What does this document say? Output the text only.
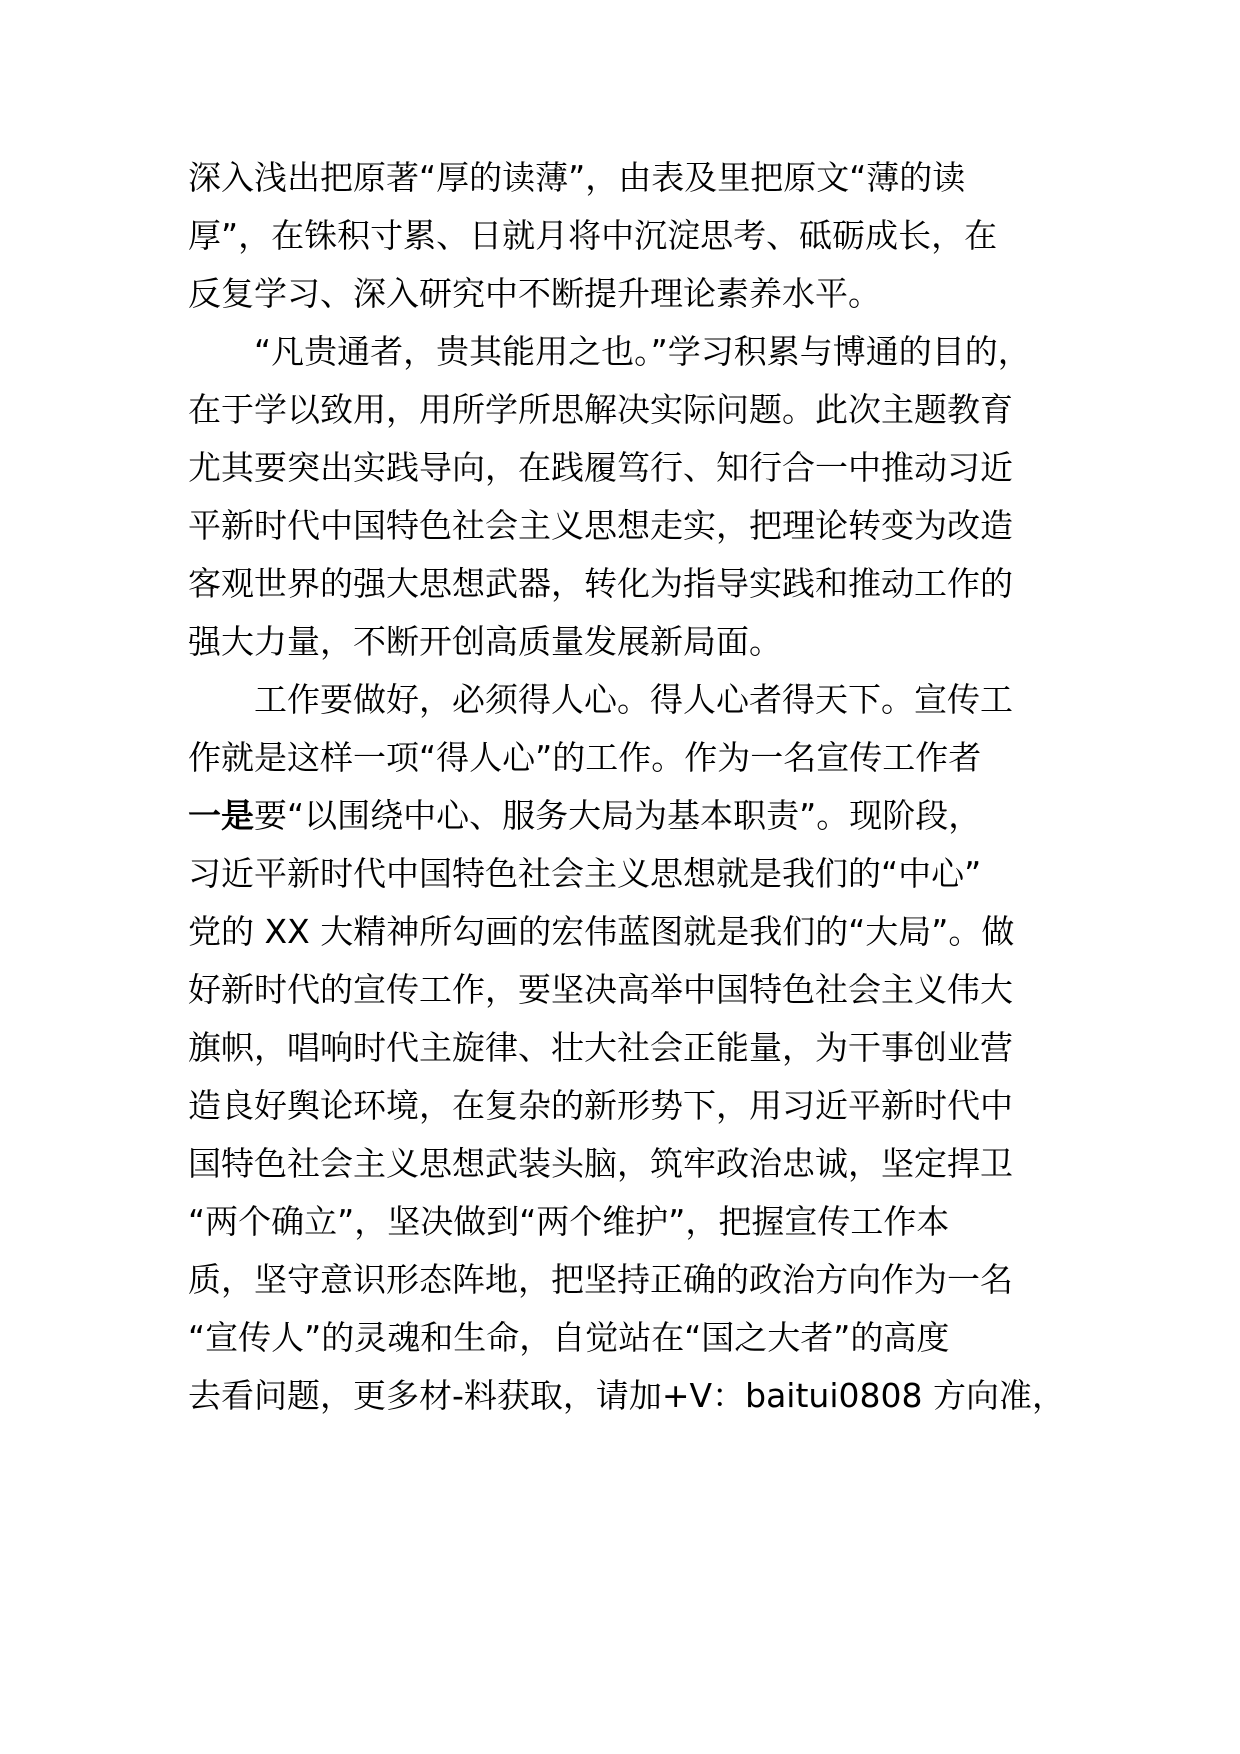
深入浅出把原著“厚的读薄”，由表及里把原文“薄的读
厚”，在铢积寸累、日就月将中沉淀思考、砥砺成长，在
反复学习、深入研究中不断提升理论素养水平。
“凡贵通者，贵其能用之也。”学习积累与博通的目的，
在于学以致用，用所学所思解决实际问题。此次主题教育
尤其要突出实践导向，在践履笃行、知行合一中推动习近
平新时代中国特色社会主义思想走实，把理论转变为改造
客观世界的强大思想武器，转化为指导实践和推动工作的
强大力量，不断开创高质量发展新局面。
工作要做好，必须得人心。得人心者得天下。宣传工
作就是这样一项“得人心”的工作。作为一名宣传工作者
一是要“以围绕中心、服务大局为基本职责”。现阶段，
习近平新时代中国特色社会主义思想就是我们的“中心”
党的 XX 大精神所勾画的宏伟蓝图就是我们的“大局”。做
好新时代的宣传工作，要坚决高举中国特色社会主义伟大
旗帜，唱响时代主旋律、壮大社会正能量，为干事创业营
造良好舆论环境，在复杂的新形势下，用习近平新时代中
国特色社会主义思想武装头脑，筑牢政治忠诚，坚定捍卫
“两个确立”，坚决做到“两个维护”，把握宣传工作本
质，坚守意识形态阵地，把坚持正确的政治方向作为一名
“宣传人”的灵魂和生命，自觉站在“国之大者”的高度
去看问题，更多材-料获取，请加+V：baitui0808 方向准，
